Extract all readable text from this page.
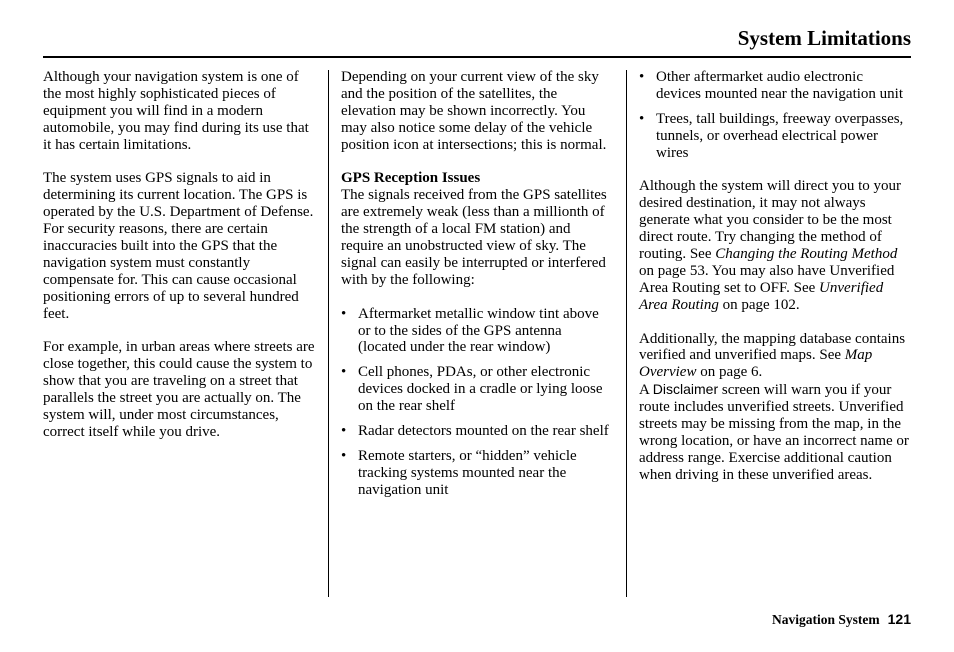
System Limitations

Although your navigation system is one of the most highly sophisticated pieces of equipment you will find in a modern automobile, you may find during its use that it has certain limitations.

The system uses GPS signals to aid in determining its current location. The GPS is operated by the U.S. Department of Defense. For security reasons, there are certain inaccuracies built into the GPS that the navigation system must constantly compensate for. This can cause occasional positioning errors of up to several hundred feet.

For example, in urban areas where streets are close together, this could cause the system to show that you are traveling on a street that parallels the street you are actually on. The system will, under most circumstances, correct itself while you drive.

Depending on your current view of the sky and the position of the satellites, the elevation may be shown incorrectly. You may also notice some delay of the vehicle position icon at intersections; this is normal.

GPS Reception Issues

The signals received from the GPS satellites are extremely weak (less than a millionth of the strength of a local FM station) and require an unobstructed view of sky. The signal can easily be interrupted or interfered with by the following:

• Aftermarket metallic window tint above or to the sides of the GPS antenna (located under the rear window)
• Cell phones, PDAs, or other electronic devices docked in a cradle or lying loose on the rear shelf
• Radar detectors mounted on the rear shelf
• Remote starters, or “hidden” vehicle tracking systems mounted near the navigation unit
• Other aftermarket audio electronic devices mounted near the navigation unit
• Trees, tall buildings, freeway overpasses, tunnels, or overhead electrical power wires

Although the system will direct you to your desired destination, it may not always generate what you consider to be the most direct route. Try changing the method of routing. See Changing the Routing Method on page 53. You may also have Unverified Area Routing set to OFF. See Unverified Area Routing on page 102.

Additionally, the mapping database contains verified and unverified maps. See Map Overview on page 6.

A Disclaimer screen will warn you if your route includes unverified streets. Unverified streets may be missing from the map, in the wrong location, or have an incorrect name or address range. Exercise additional caution when driving in these unverified areas.

Navigation System 121
